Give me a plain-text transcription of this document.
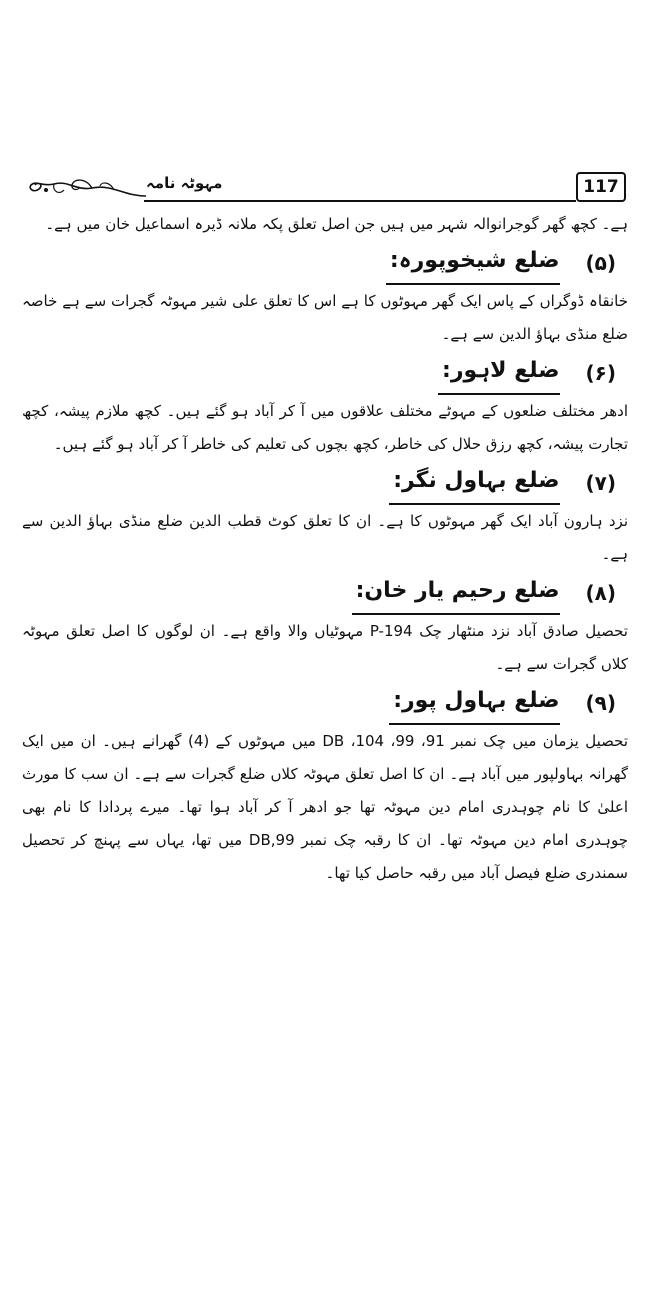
مہوٹہ نامہ	117

ہے۔ کچھ گھر گوجرانوالہ شہر میں ہیں جن اصل تعلق پکہ ملانہ ڈیرہ اسماعیل خان میں ہے۔

(۵)
ضلع شیخوپورہ:

خانقاہ ڈوگراں کے پاس ایک گھر مہوٹوں کا ہے اس کا تعلق علی شیر مہوٹہ گجرات سے ہے خاصہ ضلع منڈی بہاؤ الدین سے ہے۔

(۶)
ضلع لاہور:

ادھر مختلف ضلعوں کے مہوٹے مختلف علاقوں میں آ کر آباد ہو گئے ہیں۔ کچھ ملازم پیشہ، کچھ تجارت پیشہ، کچھ رزق حلال کی خاطر، کچھ بچوں کی تعلیم کی خاطر آ کر آباد ہو گئے ہیں۔

(۷)
ضلع بہاول نگر:

نزد ہارون آباد ایک گھر مہوٹوں کا ہے۔ ان کا تعلق کوٹ قطب الدین ضلع منڈی بہاؤ الدین سے ہے۔

(۸)
ضلع رحیم یار خان:

تحصیل صادق آباد نزد منٹھار چک P-194 مہوٹیاں والا واقع ہے۔ ان لوگوں کا اصل تعلق مہوٹہ کلاں گجرات سے ہے۔

(۹)
ضلع بہاول پور:

تحصیل یزمان میں چک نمبر 91، 99، 104، DB میں مہوٹوں کے (4) گھرانے ہیں۔ ان میں ایک گھرانہ بہاولپور میں آباد ہے۔ ان کا اصل تعلق مہوٹہ کلاں ضلع گجرات سے ہے۔ ان سب کا مورث اعلیٰ کا نام چوہدری امام دین مہوٹہ تھا جو ادھر آ کر آباد ہوا تھا۔ میرے پردادا کا نام بھی چوہدری امام دین مہوٹہ تھا۔ ان کا رقبہ چک نمبر DB,99 میں تھا، یہاں سے پہنچ کر تحصیل سمندری ضلع فیصل آباد میں رقبہ حاصل کیا تھا۔
